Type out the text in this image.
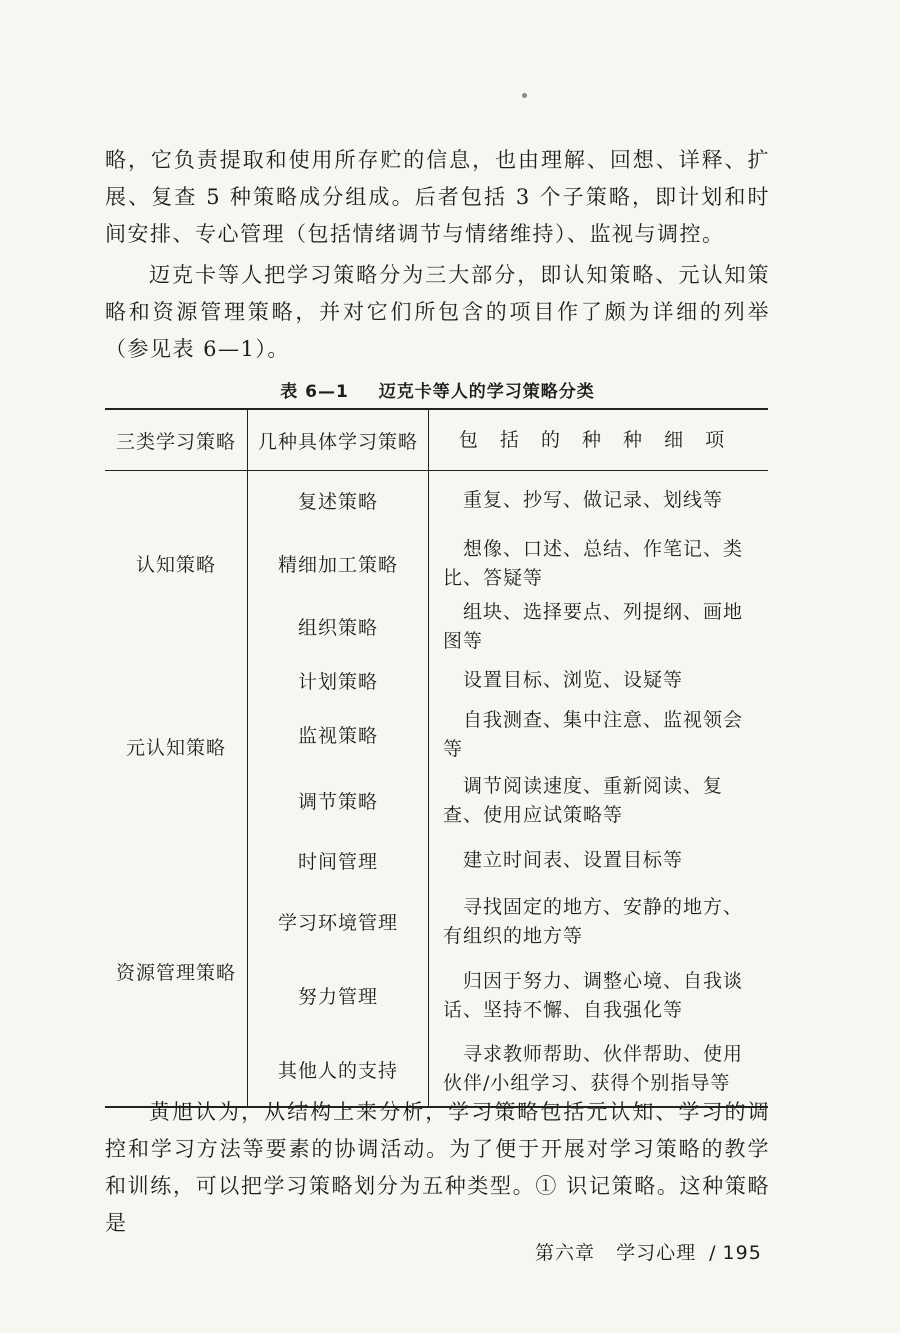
略，它负责提取和使用所存贮的信息，也由理解、回想、详释、扩展、复查 5 种策略成分组成。后者包括 3 个子策略，即计划和时间安排、专心管理（包括情绪调节与情绪维持）、监视与调控。

迈克卡等人把学习策略分为三大部分，即认知策略、元认知策略和资源管理策略，并对它们所包含的项目作了颇为详细的列举（参见表 6—1）。

表 6—1 迈克卡等人的学习策略分类
三类学习策略	几种具体学习策略	包 括 的 种 种 细 项
认知策略	复述策略	重复、抄写、做记录、划线等

	精细加工策略	想像、口述、总结、作笔记、类比、答疑等

	组织策略	组块、选择要点、列提纲、画地图等

元认知策略	计划策略	设置目标、浏览、设疑等

	监视策略	自我测查、集中注意、监视领会等

	调节策略	调节阅读速度、重新阅读、复查、使用应试策略等

资源管理策略	时间管理	建立时间表、设置目标等

	学习环境管理	寻找固定的地方、安静的地方、有组织的地方等

	努力管理	归因于努力、调整心境、自我谈话、坚持不懈、自我强化等

	其他人的支持	寻求教师帮助、伙伴帮助、使用伙伴/小组学习、获得个别指导等

黄旭认为，从结构上来分析，学习策略包括元认知、学习的调控和学习方法等要素的协调活动。为了便于开展对学习策略的教学和训练，可以把学习策略划分为五种类型。① 识记策略。这种策略是

第六章 学习心理 / 195
